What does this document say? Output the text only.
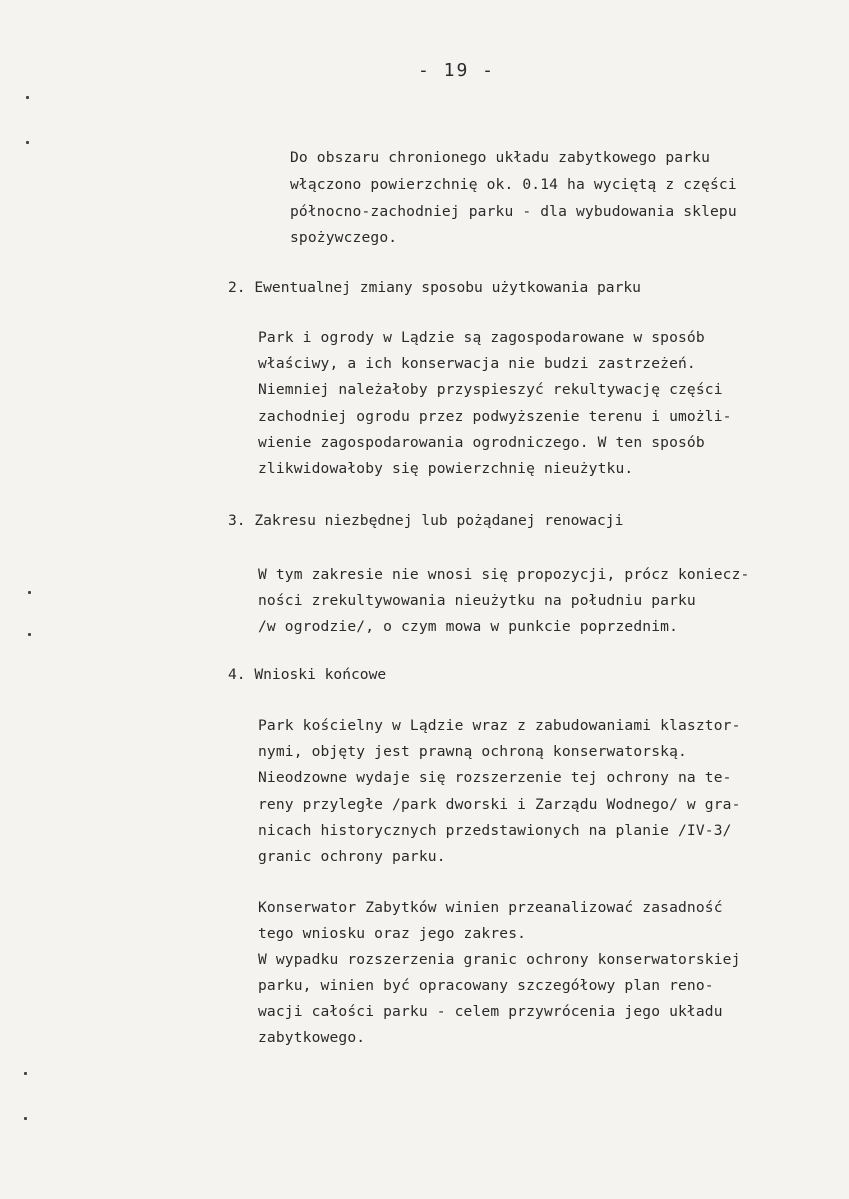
- 19 -
Do obszaru chronionego układu zabytkowego parku
włączono powierzchnię ok. 0.14 ha wyciętą z części
północno-zachodniej parku - dla wybudowania sklepu
spożywczego.
2. Ewentualnej zmiany sposobu użytkowania parku
Park i ogrody w Lądzie są zagospodarowane w sposób
właściwy, a ich konserwacja nie budzi zastrzeżeń.
Niemniej należałoby przyspieszyć rekultywację części
zachodniej ogrodu przez podwyższenie terenu i umożli-
wienie zagospodarowania ogrodniczego. W ten sposób
zlikwidowałoby się powierzchnię nieużytku.
3. Zakresu niezbędnej lub pożądanej renowacji
W tym zakresie nie wnosi się propozycji, prócz koniecz-
ności zrekultywowania nieużytku na południu parku
/w ogrodzie/, o czym mowa w punkcie poprzednim.
4. Wnioski końcowe
Park kościelny w Lądzie wraz z zabudowaniami klasztor-
nymi, objęty jest prawną ochroną konserwatorską.
Nieodzowne wydaje się rozszerzenie tej ochrony na te-
reny przyległe /park dworski i Zarządu Wodnego/ w gra-
nicach historycznych przedstawionych na planie /IV-3/
granic ochrony parku.
Konserwator Zabytków winien przeanalizować zasadność
tego wniosku oraz jego zakres.
W wypadku rozszerzenia granic ochrony konserwatorskiej
parku, winien być opracowany szczegółowy plan reno-
wacji całości parku - celem przywrócenia jego układu
zabytkowego.
